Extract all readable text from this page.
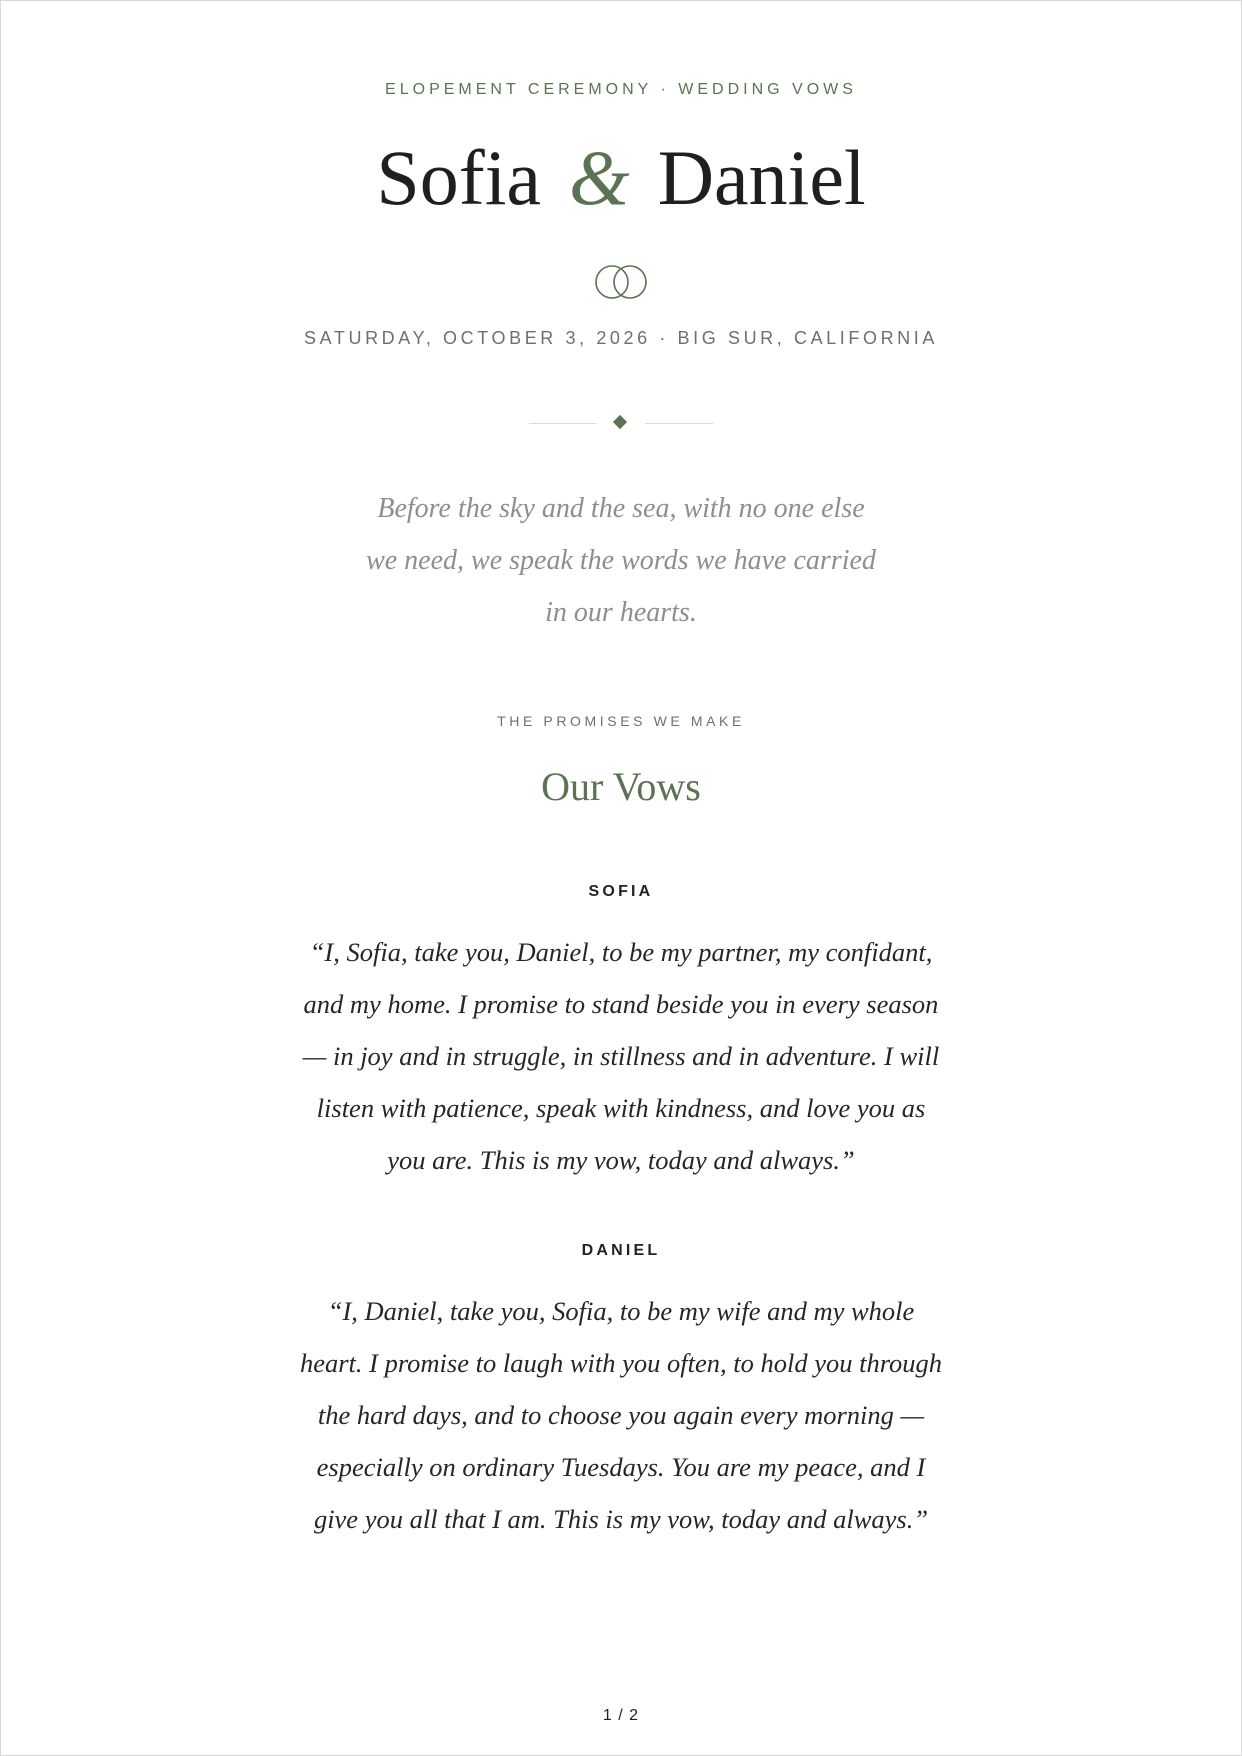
ELOPEMENT CEREMONY · WEDDING VOWS
Sofia & Daniel
SATURDAY, OCTOBER 3, 2026 · BIG SUR, CALIFORNIA
Before the sky and the sea, with no one else we need, we speak the words we have carried in our hearts.
THE PROMISES WE MAKE
Our Vows
SOFIA
“I, Sofia, take you, Daniel, to be my partner, my confidant, and my home. I promise to stand beside you in every season — in joy and in struggle, in stillness and in adventure. I will listen with patience, speak with kindness, and love you as you are. This is my vow, today and always.”
DANIEL
“I, Daniel, take you, Sofia, to be my wife and my whole heart. I promise to laugh with you often, to hold you through the hard days, and to choose you again every morning — especially on ordinary Tuesdays. You are my peace, and I give you all that I am. This is my vow, today and always.”
1 / 2
